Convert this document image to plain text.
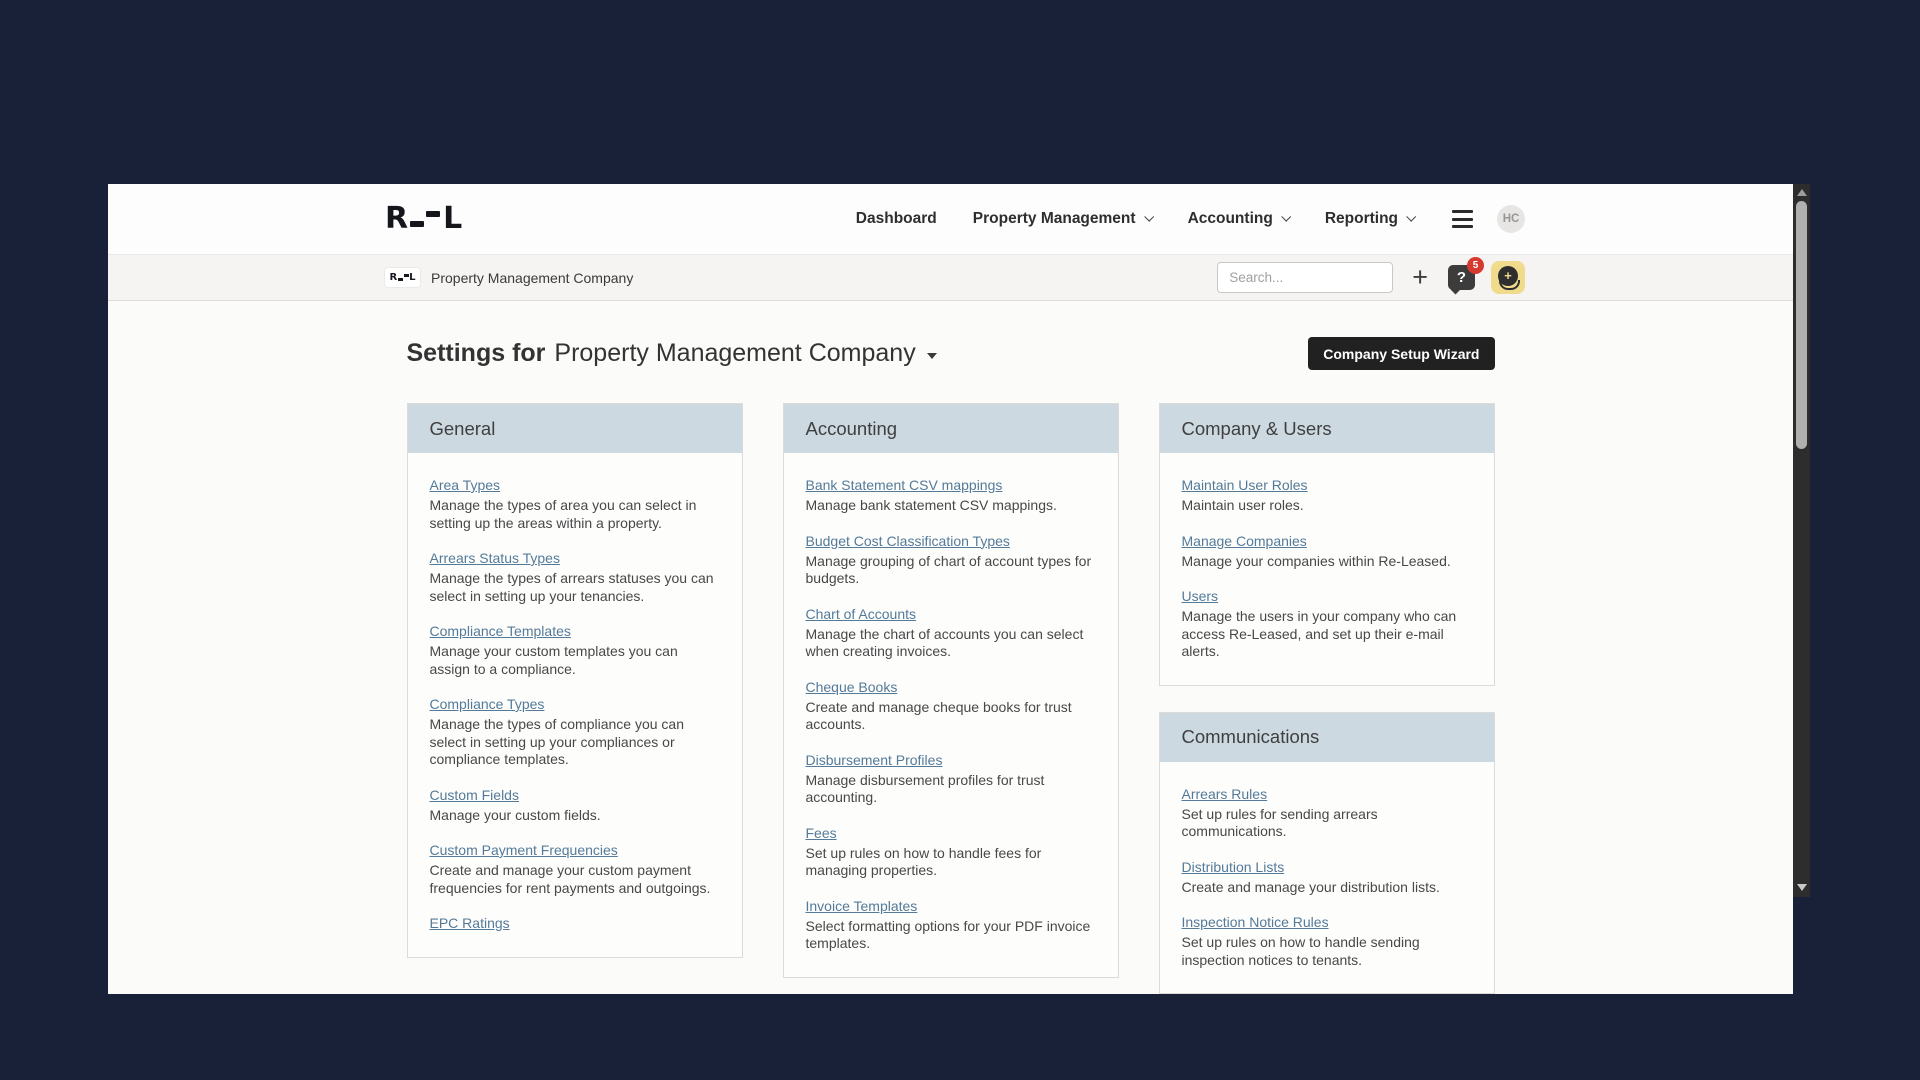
R L	Dashboard Property Management	Accounting	Reporting	HC
R L Property Management Company
Search...	+	?
5
+
Settings for Property Management Company	Company Setup Wizard
General
Area Types

Manage the types of area you can select in setting up the areas within a property.

Arrears Status Types

Manage the types of arrears statuses you can select in setting up your tenancies.

Compliance Templates

Manage your custom templates you can assign to a compliance.

Compliance Types

Manage the types of compliance you can select in setting up your compliances or compliance templates.

Custom Fields

Manage your custom fields.

Custom Payment Frequencies

Create and manage your custom payment frequencies for rent payments and outgoings.

EPC Ratings
Accounting
Bank Statement CSV mappings

Manage bank statement CSV mappings.

Budget Cost Classification Types

Manage grouping of chart of account types for budgets.

Chart of Accounts

Manage the chart of accounts you can select when creating invoices.

Cheque Books

Create and manage cheque books for trust accounts.

Disbursement Profiles

Manage disbursement profiles for trust accounting.

Fees

Set up rules on how to handle fees for managing properties.

Invoice Templates

Select formatting options for your PDF invoice templates.

Company & Users
Maintain User Roles

Maintain user roles.

Manage Companies

Manage your companies within Re-Leased.

Users

Manage the users in your company who can access Re-Leased, and set up their e-mail alerts.

Communications
Arrears Rules

Set up rules for sending arrears communications.

Distribution Lists

Create and manage your distribution lists.

Inspection Notice Rules

Set up rules on how to handle sending inspection notices to tenants.
